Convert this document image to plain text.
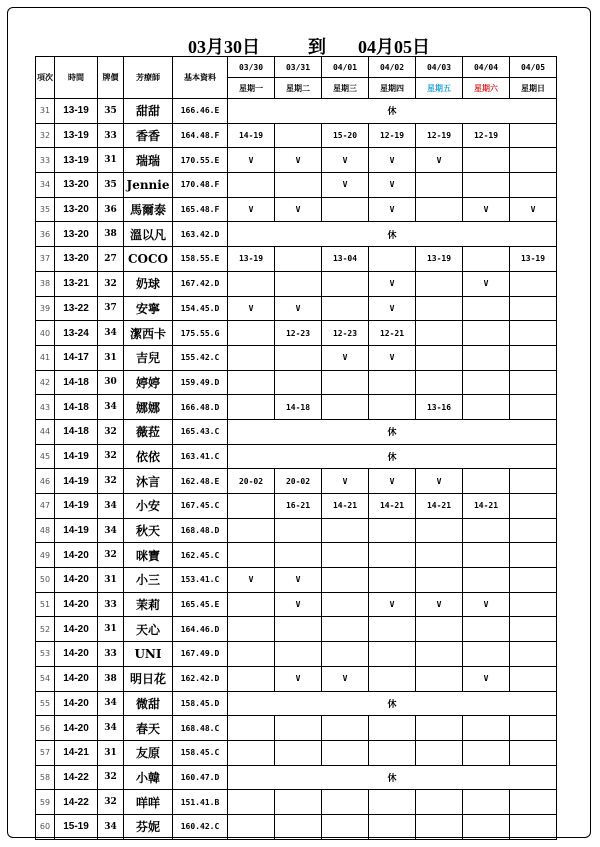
03月30日	到 04月05日
項次	時間	牌價	芳療師	基本資料	03/30	03/31	04/01	04/02	04/03	04/04	04/05
					星期一	星期二	星期三	星期四	星期五	星期六	星期日
31	13-19	35	甜甜	166.46.E	休						
32	13-19	33	香香	164.48.F	14-19		15-20	12-19	12-19	12-19	
33	13-19	31	瑞瑞	170.55.E	V	V	V	V	V		
34	13-20	35	Jennie	170.48.F			V	V			
35	13-20	36	馬爾泰	165.48.F	V	V		V		V	V
36	13-20	38	溫以凡	163.42.D	休						
37	13-20	27	COCO	158.55.E	13-19		13-04		13-19		13-19
38	13-21	32	奶球	167.42.D				V		V	
39	13-22	37	安寧	154.45.D	V	V		V			
40	13-24	34	潔西卡	175.55.G		12-23	12-23	12-21			
41	14-17	31	吉兒	155.42.C			V	V			
42	14-18	30	婷婷	159.49.D							
43	14-18	34	娜娜	166.48.D		14-18			13-16		
44	14-18	32	薇菈	165.43.C	休						
45	14-19	32	依依	163.41.C	休						
46	14-19	32	沐言	162.48.E	20-02	20-02	V	V	V		
47	14-19	34	小安	167.45.C		16-21	14-21	14-21	14-21	14-21	
48	14-19	34	秋天	168.48.D							
49	14-20	32	咪寶	162.45.C							
50	14-20	31	小三	153.41.C	V	V					
51	14-20	33	茉莉	165.45.E		V		V	V	V	
52	14-20	31	天心	164.46.D							
53	14-20	33	UNI	167.49.D							
54	14-20	38	明日花	162.42.D		V	V			V	
55	14-20	34	微甜	158.45.D	休						
56	14-20	34	春天	168.48.C							
57	14-21	31	友原	158.45.C							
58	14-22	32	小韓	160.47.D	休						
59	14-22	32	咩咩	151.41.B							
60	15-19	34	芬妮	160.42.C							
